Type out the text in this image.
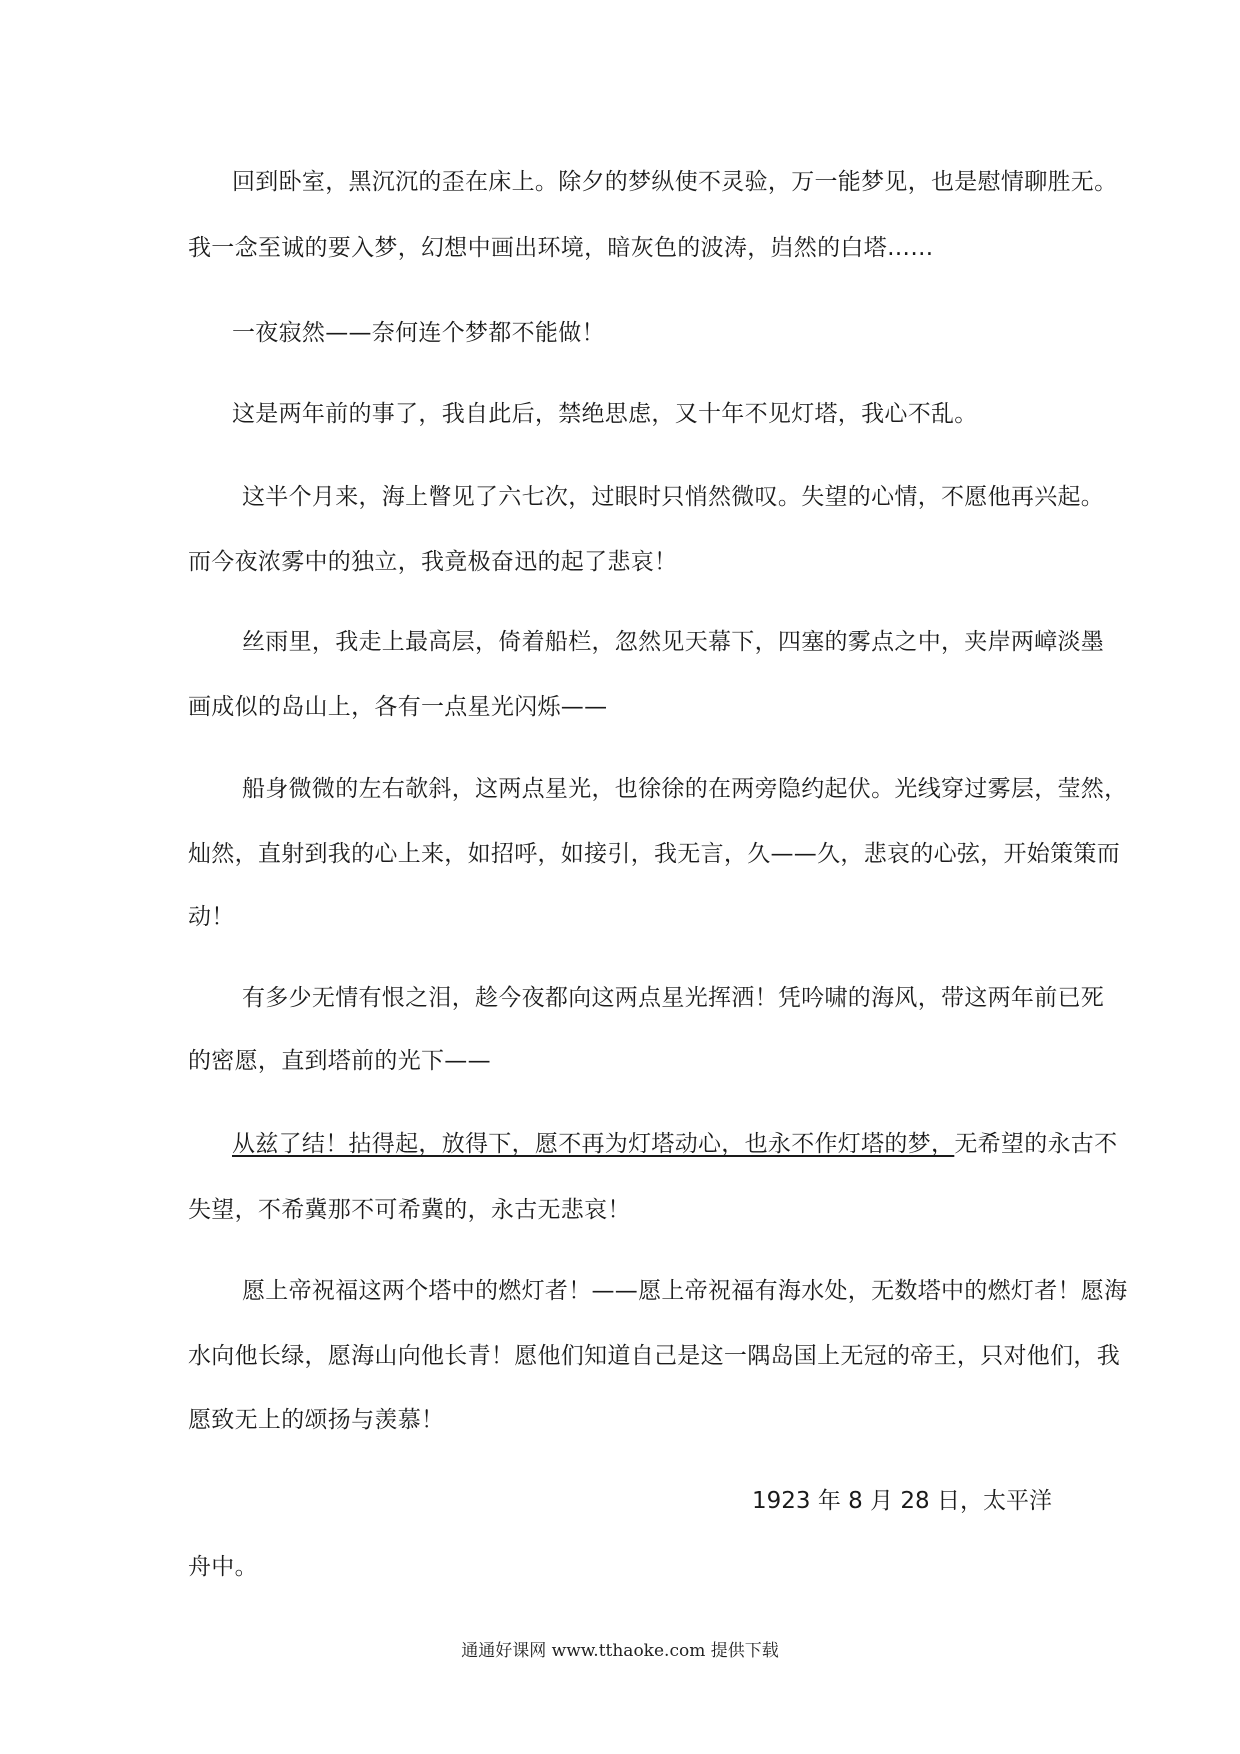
回到卧室，黑沉沉的歪在床上。除夕的梦纵使不灵验，万一能梦见，也是慰情聊胜无。
我一念至诚的要入梦，幻想中画出环境，暗灰色的波涛，岿然的白塔……
一夜寂然——奈何连个梦都不能做！
这是两年前的事了，我自此后，禁绝思虑，又十年不见灯塔，我心不乱。
这半个月来，海上瞥见了六七次，过眼时只悄然微叹。失望的心情，不愿他再兴起。
而今夜浓雾中的独立，我竟极奋迅的起了悲哀！
丝雨里，我走上最高层，倚着船栏，忽然见天幕下，四塞的雾点之中，夹岸两嶂淡墨
画成似的岛山上，各有一点星光闪烁——
船身微微的左右欹斜，这两点星光，也徐徐的在两旁隐约起伏。光线穿过雾层，莹然，
灿然，直射到我的心上来，如招呼，如接引，我无言，久——久，悲哀的心弦，开始策策而
动！
有多少无情有恨之泪，趁今夜都向这两点星光挥洒！凭吟啸的海风，带这两年前已死
的密愿，直到塔前的光下——
从兹了结！拈得起，放得下，愿不再为灯塔动心，也永不作灯塔的梦，无希望的永古不
失望，不希冀那不可希冀的，永古无悲哀！
愿上帝祝福这两个塔中的燃灯者！——愿上帝祝福有海水处，无数塔中的燃灯者！愿海
水向他长绿，愿海山向他长青！愿他们知道自己是这一隅岛国上无冠的帝王，只对他们，我
愿致无上的颂扬与羡慕！
1923 年 8 月 28 日，太平洋
舟中。
通通好课网 www.tthaoke.com 提供下载
